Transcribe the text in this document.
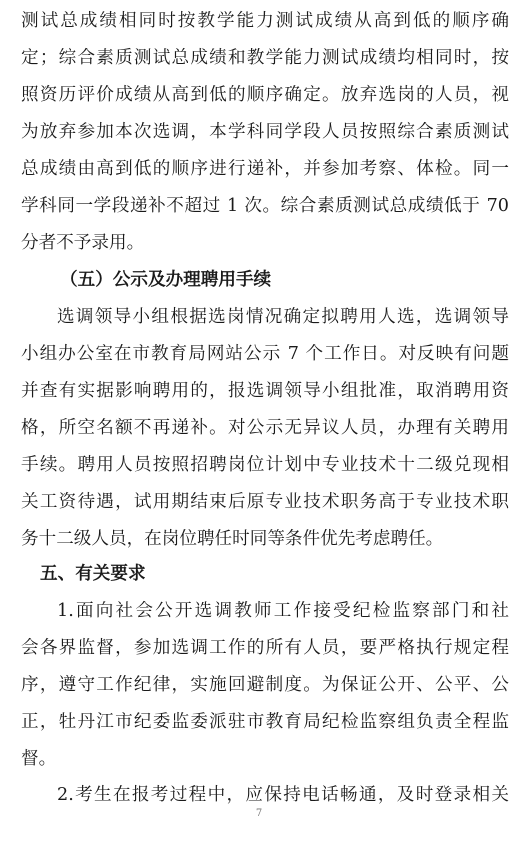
测试总成绩相同时按教学能力测试成绩从高到低的顺序确
定；综合素质测试总成绩和教学能力测试成绩均相同时，按
照资历评价成绩从高到低的顺序确定。放弃选岗的人员，视
为放弃参加本次选调，本学科同学段人员按照综合素质测试
总成绩由高到低的顺序进行递补，并参加考察、体检。同一
学科同一学段递补不超过 1 次。综合素质测试总成绩低于 70
分者不予录用。
（五）公示及办理聘用手续
选调领导小组根据选岗情况确定拟聘用人选，选调领导
小组办公室在市教育局网站公示 7 个工作日。对反映有问题
并查有实据影响聘用的，报选调领导小组批准，取消聘用资
格，所空名额不再递补。对公示无异议人员，办理有关聘用
手续。聘用人员按照招聘岗位计划中专业技术十二级兑现相
关工资待遇，试用期结束后原专业技术职务高于专业技术职
务十二级人员，在岗位聘任时同等条件优先考虑聘任。
五、有关要求
1.面向社会公开选调教师工作接受纪检监察部门和社
会各界监督，参加选调工作的所有人员，要严格执行规定程
序，遵守工作纪律，实施回避制度。为保证公开、公平、公
正，牡丹江市纪委监委派驻市教育局纪检监察组负责全程监
督。
2.考生在报考过程中，应保持电话畅通，及时登录相关
7
